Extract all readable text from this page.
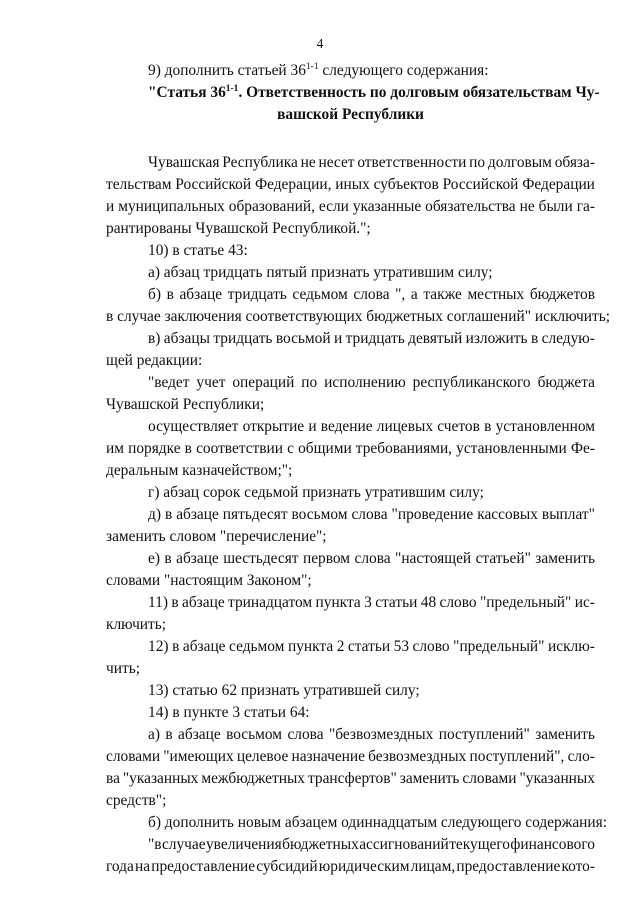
4
9) дополнить статьей 36$^{1-1}$ следующего содержания:
"Статья 36$^{1-1}$ . Ответственность по долговым обязательствам Чу-
вашской Республики
Чувашская Республика не несет ответственности по долговым обяза-
тельствам Российской Федерации, иных субъектов Российской Федерации
и муниципальных образований, если указанные обязательства не были га-
рантированы Чувашской Республикой.";
10) в статье 43:
а) абзац тридцать пятый признать утратившим силу;
б) в абзаце тридцать седьмом слова ", а также местных бюджетов
в случае заключения соответствующих бюджетных соглашений" исключить;
в) абзацы тридцать восьмой и тридцать девятый изложить в следую-
щей редакции:
"ведет учет операций по исполнению республиканского бюджета
Чувашской Республики;
осуществляет открытие и ведение лицевых счетов в установленном
им порядке в соответствии с общими требованиями, установленными Фе-
деральным казначейством;";
г) абзац сорок седьмой признать утратившим силу;
д) в абзаце пятьдесят восьмом слова "проведение кассовых выплат"
заменить словом "перечисление";
е) в абзаце шестьдесят первом слова "настоящей статьей" заменить
словами "настоящим Законом";
11) в абзаце тринадцатом пункта 3 статьи 48 слово "предельный" ис-
ключить;
12) в абзаце седьмом пункта 2 статьи 53 слово "предельный" исклю-
чить;
13) статью 62 признать утратившей силу;
14) в пункте 3 статьи 64:
а) в абзаце восьмом слова "безвозмездных поступлений" заменить
словами "имеющих целевое назначение безвозмездных поступлений", сло-
ва "указанных межбюджетных трансфертов" заменить словами "указанных
средств";
б) дополнить новым абзацем одиннадцатым следующего содержания:
"в случае увеличения бюджетных ассигнований текущего финансового
года на предоставление субсидий юридическим лицам, предоставление кото-
